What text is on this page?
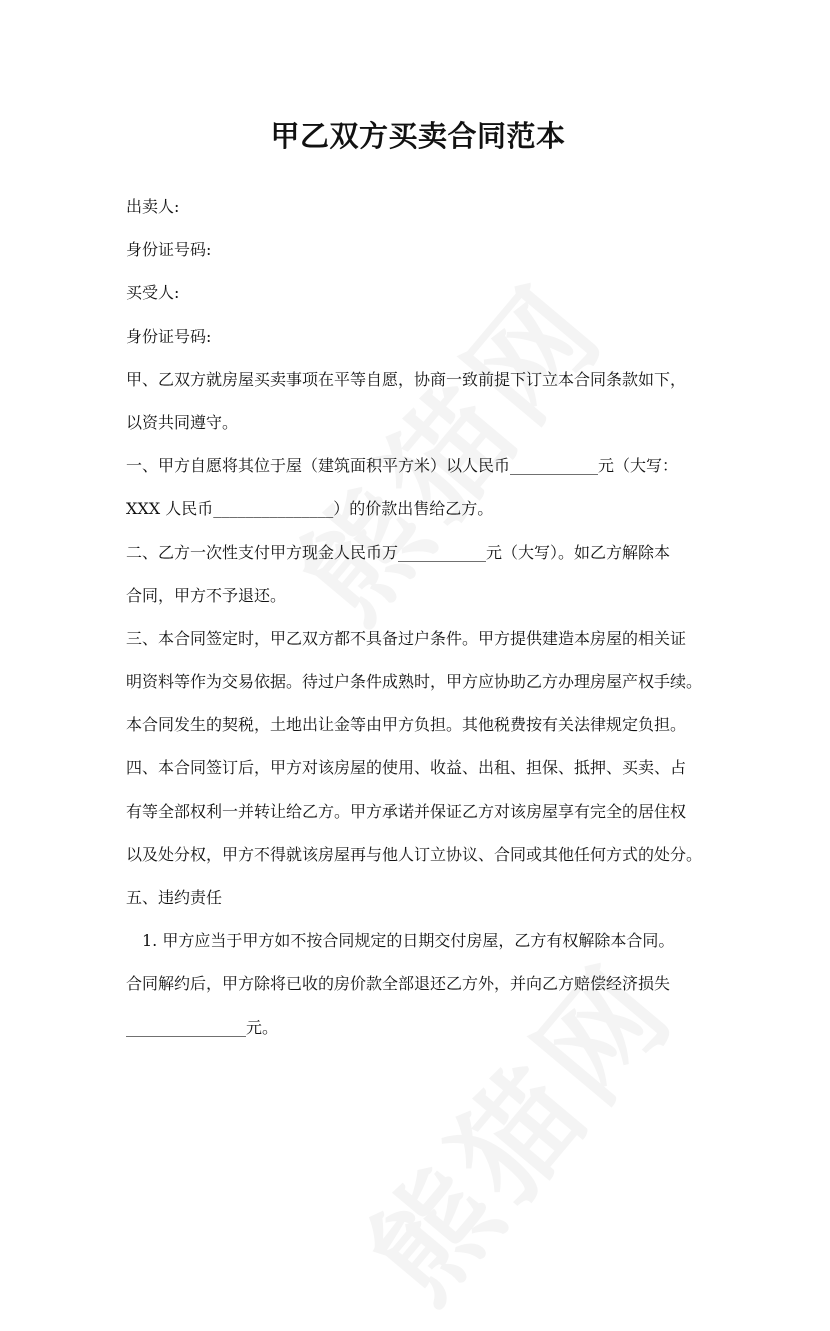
甲乙双方买卖合同范本
出卖人:
身份证号码:
买受人:
身份证号码:
甲、乙双方就房屋买卖事项在平等自愿，协商一致前提下订立本合同条款如下，
以资共同遵守。
一、甲方自愿将其位于屋（建筑面积平方米）以人民币___________元（大写：
XXX 人民币_______________）的价款出售给乙方。
二、乙方一次性支付甲方现金人民币万___________元（大写）。如乙方解除本
合同，甲方不予退还。
三、本合同签定时，甲乙双方都不具备过户条件。甲方提供建造本房屋的相关证
明资料等作为交易依据。待过户条件成熟时，甲方应协助乙方办理房屋产权手续。
本合同发生的契税，土地出让金等由甲方负担。其他税费按有关法律规定负担。
四、本合同签订后，甲方对该房屋的使用、收益、出租、担保、抵押、买卖、占
有等全部权利一并转让给乙方。甲方承诺并保证乙方对该房屋享有完全的居住权
以及处分权，甲方不得就该房屋再与他人订立协议、合同或其他任何方式的处分。
五、违约责任
1. 甲方应当于甲方如不按合同规定的日期交付房屋，乙方有权解除本合同。
合同解约后，甲方除将已收的房价款全部退还乙方外，并向乙方赔偿经济损失
_______________元。
